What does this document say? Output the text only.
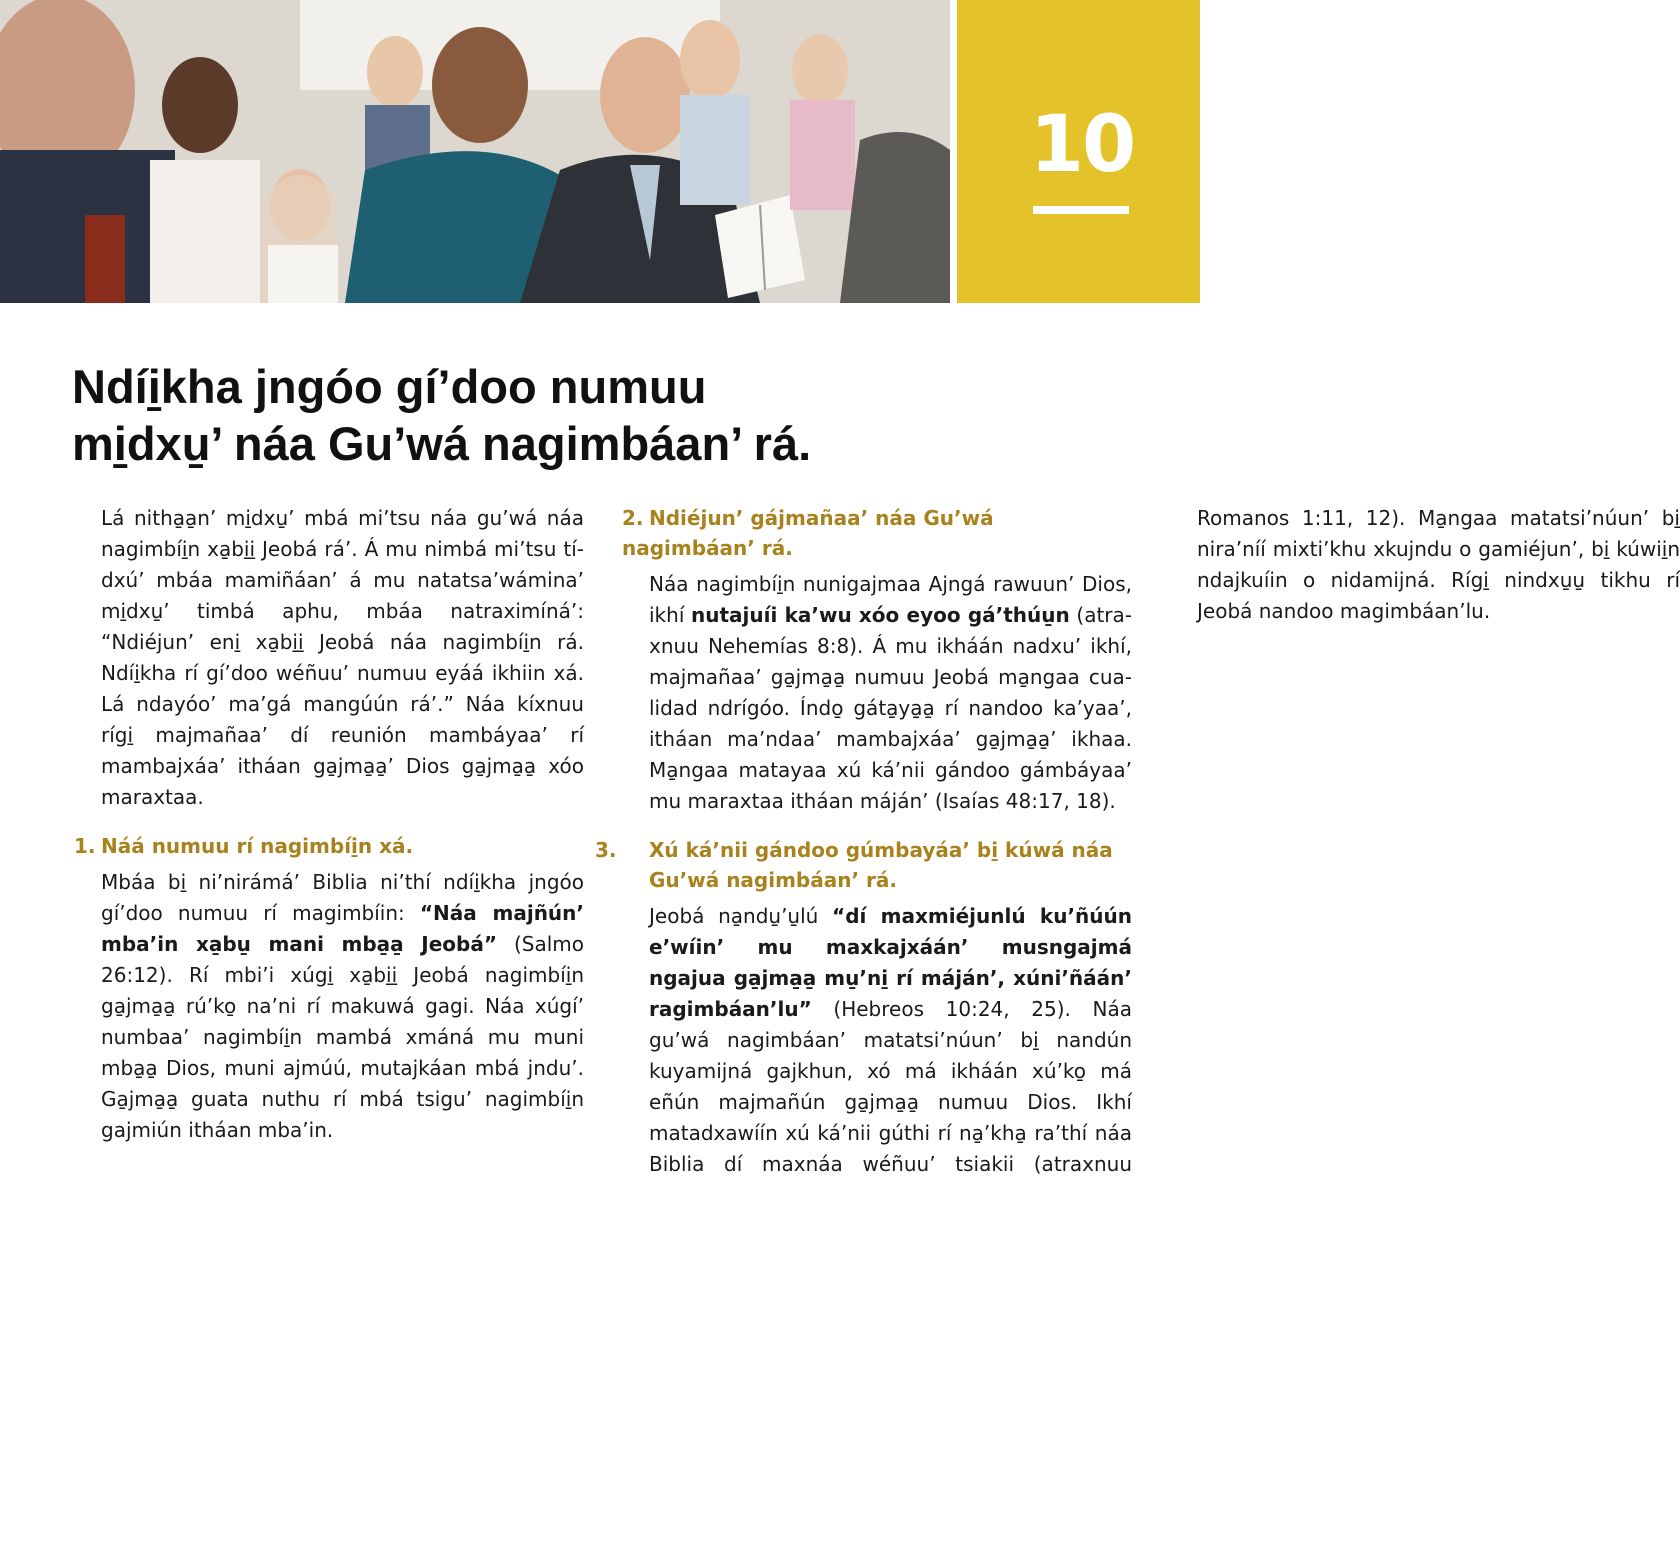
10
Ndíi̱kha jngóo gí’doo numuu
mi̱dxu̱’ náa Gu’wá nagimbáan’ rá.

Lá nitha̱a̱n’ mi̱dxu̱’ mbá mi’tsu náa gu’wá náa nagimbíi̱n xa̱bi̱i̱ Jeobá rá’. Á mu nimbá mi’tsu tídxú’ mbáa mamiñáan’ á mu natatsa’wámina’ mi̱dxu̱’ timbá aphu, mbáa natraximíná’: “Ndiéjun’ eni̱ xa̱bi̱i̱ Jeobá náa nagimbíi̱n rá. Ndíi̱kha rí gí’doo wéñuu’ numuu eyáá ikhiin xá. Lá ndayóo’ ma’gá mangúún rá’.” Náa kíxnuu rígi̱ majmañaa’ dí reunión mambáyaa’ rí mambajxáa’ itháan ga̱jma̱a̱’ Dios ga̱jma̱a̱ xóo maraxtaa.

1. Náá numuu rí nagimbíi̱n xá.

Mbáa bi̱ ni’nirámá’ Biblia ni’thí ndíi̱kha jngóo gí’doo numuu rí magimbíin: “Náa majñún’ mba’in xa̱bu̱ mani mba̱a̱ Jeobá” (Salmo 26:12). Rí mbi’i xúgi̱ xa̱bi̱i̱ Jeobá nagimbíi̱n ga̱jma̱a̱ rú’ko̱ na’ni rí makuwá gagi. Náa xúgí’ numbaa’ nagimbíi̱n mambá xmáná mu muni mba̱a̱ Dios, muni ajmúú, mutajkáan mbá jndu’. Ga̱jma̱a̱ guata nuthu rí mbá tsigu’ nagimbíi̱n gajmiún itháan mba’in.

2. Ndiéjun’ gájmañaa’ náa Gu’wá nagimbáan’ rá.

Náa nagimbíi̱n nunigajmaa Ajngá rawuun’ Dios, ikhí nutajuíi ka’wu xóo eyoo gá’thúu̱n (atraxnuu Nehemías 8:8). Á mu ikháán nadxu’ ikhí, majmañaa’ ga̱jma̱a̱ numuu Jeobá ma̱ngaa cualidad ndrígóo. Índo̱ gáta̱ya̱a̱ rí nandoo ka’yaa’, itháan ma’ndaa’ mambajxáa’ ga̱jma̱a̱’ ikhaa. Ma̱ngaa matayaa xú ká’nii gándoo gámbáyaa’ mu maraxtaa itháan máján’ (Isaías 48:17, 18).

3. Xú ká’nii gándoo gúmbayáa’ bi̱ kúwá náa
Gu’wá nagimbáan’ rá.

Jeobá na̱ndu̱’u̱lú “dí maxmiéjunlú ku’ñúún e’wíin’ mu maxkajxáán’ musngajmá ngajua ga̱jma̱a̱ mu̱’ni̱ rí máján’, xúni’ñáán’ ragimbáan’lu” (Hebreos 10:24, 25). Náa gu’wá nagimbáan’ matatsi’núun’ bi̱ nandún kuyamijná gajkhun, xó má ikháán xú’ko̱ má eñún majmañún ga̱jma̱a̱ numuu Dios. Ikhí matadxawíín xú ká’nii gúthi rí na̱’kha̱ ra’thí náa Biblia dí maxnáa wéñuu’ tsiakii (atraxnuu Romanos 1:11, 12). Ma̱ngaa matatsi’núun’ bi̱ nira’níí mixti’khu xkujndu o gamiéjun’, bi̱ kúwii̱n ndajkuíin o nidamijná. Rígi̱ nindxu̱u̱ tikhu rí Jeobá nandoo magimbáan’lu.
